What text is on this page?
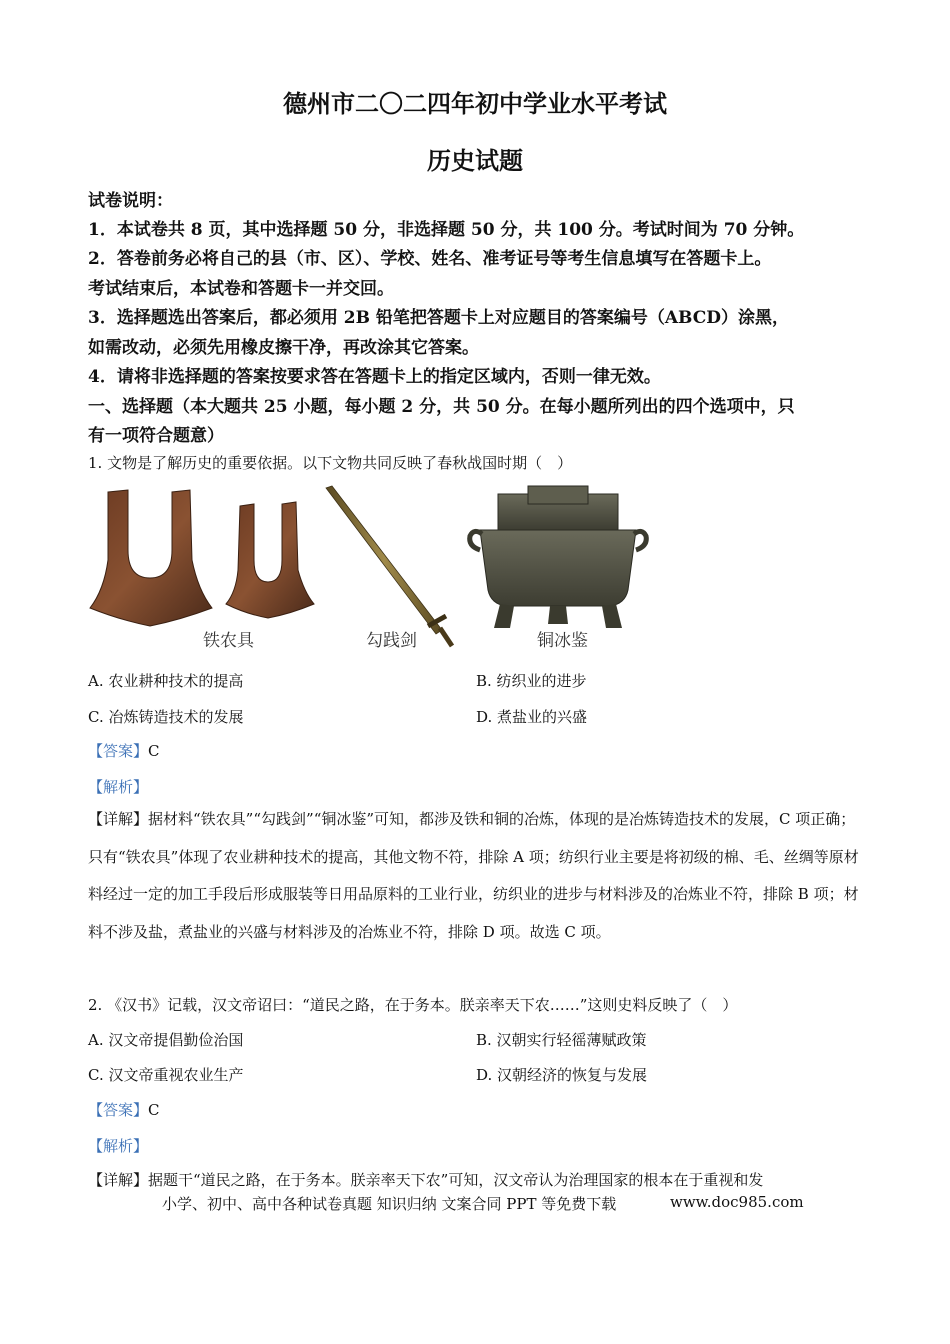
德州市二〇二四年初中学业水平考试
历史试题
试卷说明：
1．本试卷共 8 页，其中选择题 50 分，非选择题 50 分，共 100 分。考试时间为 70 分钟。
2．答卷前务必将自己的县（市、区）、学校、姓名、准考证号等考生信息填写在答题卡上。
考试结束后，本试卷和答题卡一并交回。
3．选择题选出答案后，都必须用 2B 铅笔把答题卡上对应题目的答案编号（ABCD）涂黑，
如需改动，必须先用橡皮擦干净，再改涂其它答案。
4．请将非选择题的答案按要求答在答题卡上的指定区域内，否则一律无效。
一、选择题（本大题共 25 小题，每小题 2 分，共 50 分。在每小题所列出的四个选项中，只
有一项符合题意）
1. 文物是了解历史的重要依据。以下文物共同反映了春秋战国时期（　）
铁农具	勾践剑	铜冰鉴
A. 农业耕种技术的提高	B. 纺织业的进步
C. 冶炼铸造技术的发展	D. 煮盐业的兴盛
【答案】C
【解析】
【详解】据材料“铁农具”“勾践剑”“铜冰鉴”可知，都涉及铁和铜的冶炼，体现的是冶炼铸造技术的发展，C 项正确；只有“铁农具”体现了农业耕种技术的提高，其他文物不符，排除 A 项；纺织行业主要是将初级的棉、毛、丝绸等原材料经过一定的加工手段后形成服装等日用品原料的工业行业，纺织业的进步与材料涉及的冶炼业不符，排除 B 项；材料不涉及盐，煮盐业的兴盛与材料涉及的冶炼业不符，排除 D 项。故选 C 项。
2. 《汉书》记载，汉文帝诏曰：“道民之路，在于务本。朕亲率天下农……”这则史料反映了（　）
A. 汉文帝提倡勤俭治国	B. 汉朝实行轻徭薄赋政策
C. 汉文帝重视农业生产	D. 汉朝经济的恢复与发展
【答案】C
【解析】
【详解】据题干“道民之路，在于务本。朕亲率天下农”可知，汉文帝认为治理国家的根本在于重视和发
小学、初中、高中各种试卷真题 知识归纳 文案合同 PPT 等免费下载	www.doc985.com
